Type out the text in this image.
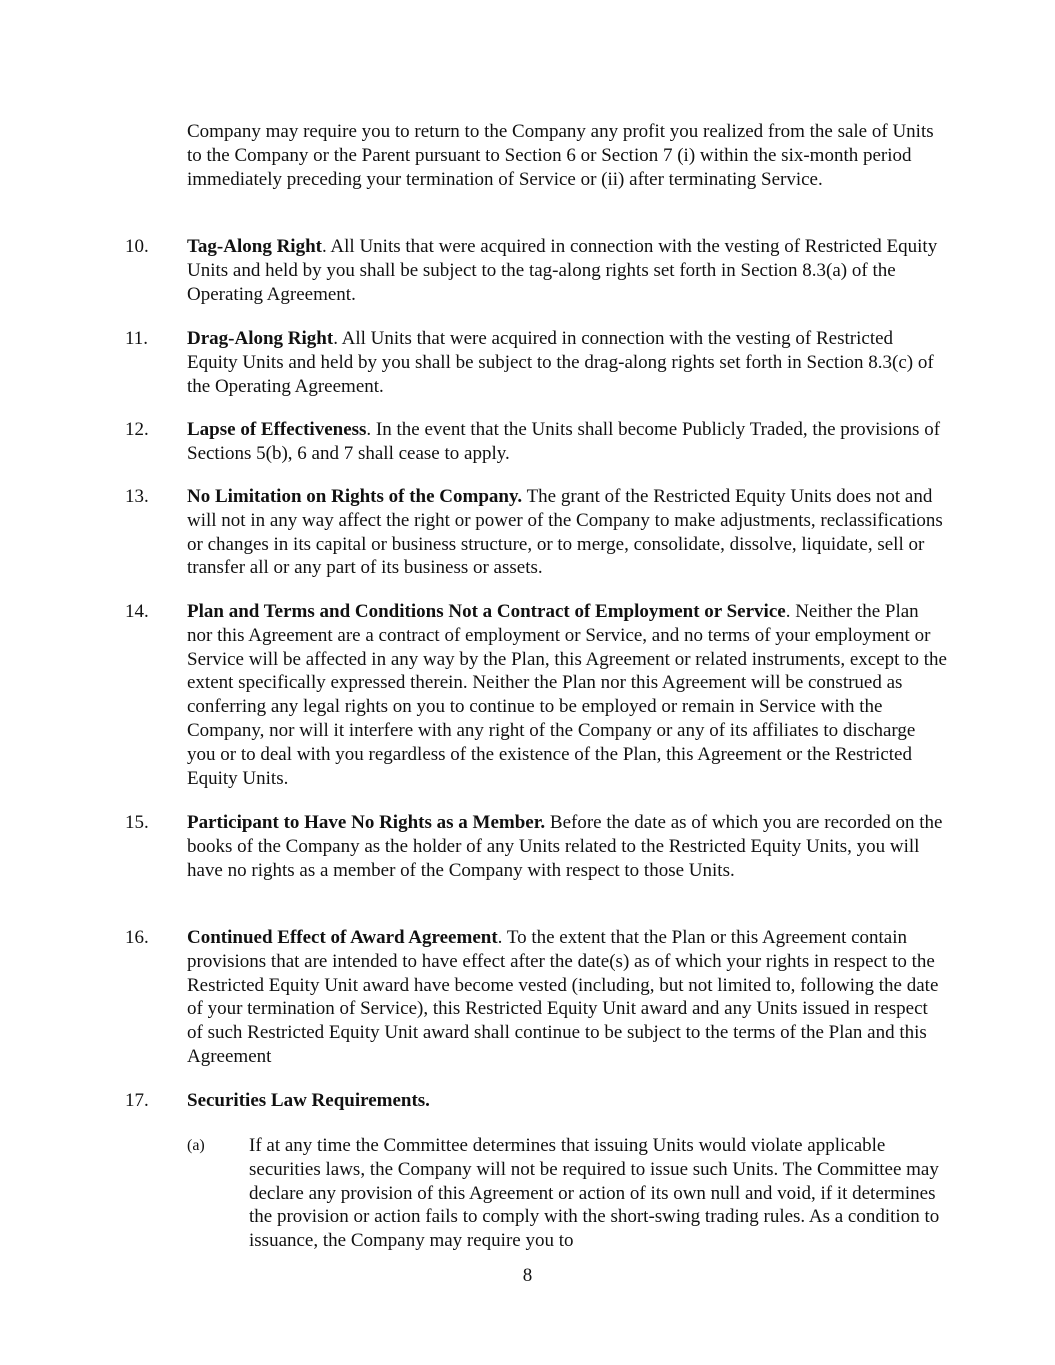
Company may require you to return to the Company any profit you realized from the sale of Units to the Company or the Parent pursuant to Section 6 or Section 7 (i) within the six-month period immediately preceding your termination of Service or (ii) after terminating Service.
10. Tag-Along Right. All Units that were acquired in connection with the vesting of Restricted Equity Units and held by you shall be subject to the tag-along rights set forth in Section 8.3(a) of the Operating Agreement.
11. Drag-Along Right. All Units that were acquired in connection with the vesting of Restricted Equity Units and held by you shall be subject to the drag-along rights set forth in Section 8.3(c) of the Operating Agreement.
12. Lapse of Effectiveness. In the event that the Units shall become Publicly Traded, the provisions of Sections 5(b), 6 and 7 shall cease to apply.
13. No Limitation on Rights of the Company. The grant of the Restricted Equity Units does not and will not in any way affect the right or power of the Company to make adjustments, reclassifications or changes in its capital or business structure, or to merge, consolidate, dissolve, liquidate, sell or transfer all or any part of its business or assets.
14. Plan and Terms and Conditions Not a Contract of Employment or Service. Neither the Plan nor this Agreement are a contract of employment or Service, and no terms of your employment or Service will be affected in any way by the Plan, this Agreement or related instruments, except to the extent specifically expressed therein. Neither the Plan nor this Agreement will be construed as conferring any legal rights on you to continue to be employed or remain in Service with the Company, nor will it interfere with any right of the Company or any of its affiliates to discharge you or to deal with you regardless of the existence of the Plan, this Agreement or the Restricted Equity Units.
15. Participant to Have No Rights as a Member. Before the date as of which you are recorded on the books of the Company as the holder of any Units related to the Restricted Equity Units, you will have no rights as a member of the Company with respect to those Units.
16. Continued Effect of Award Agreement. To the extent that the Plan or this Agreement contain provisions that are intended to have effect after the date(s) as of which your rights in respect to the Restricted Equity Unit award have become vested (including, but not limited to, following the date of your termination of Service), this Restricted Equity Unit award and any Units issued in respect of such Restricted Equity Unit award shall continue to be subject to the terms of the Plan and this Agreement
17. Securities Law Requirements.
(a) If at any time the Committee determines that issuing Units would violate applicable securities laws, the Company will not be required to issue such Units. The Committee may declare any provision of this Agreement or action of its own null and void, if it determines the provision or action fails to comply with the short-swing trading rules. As a condition to issuance, the Company may require you to
8
